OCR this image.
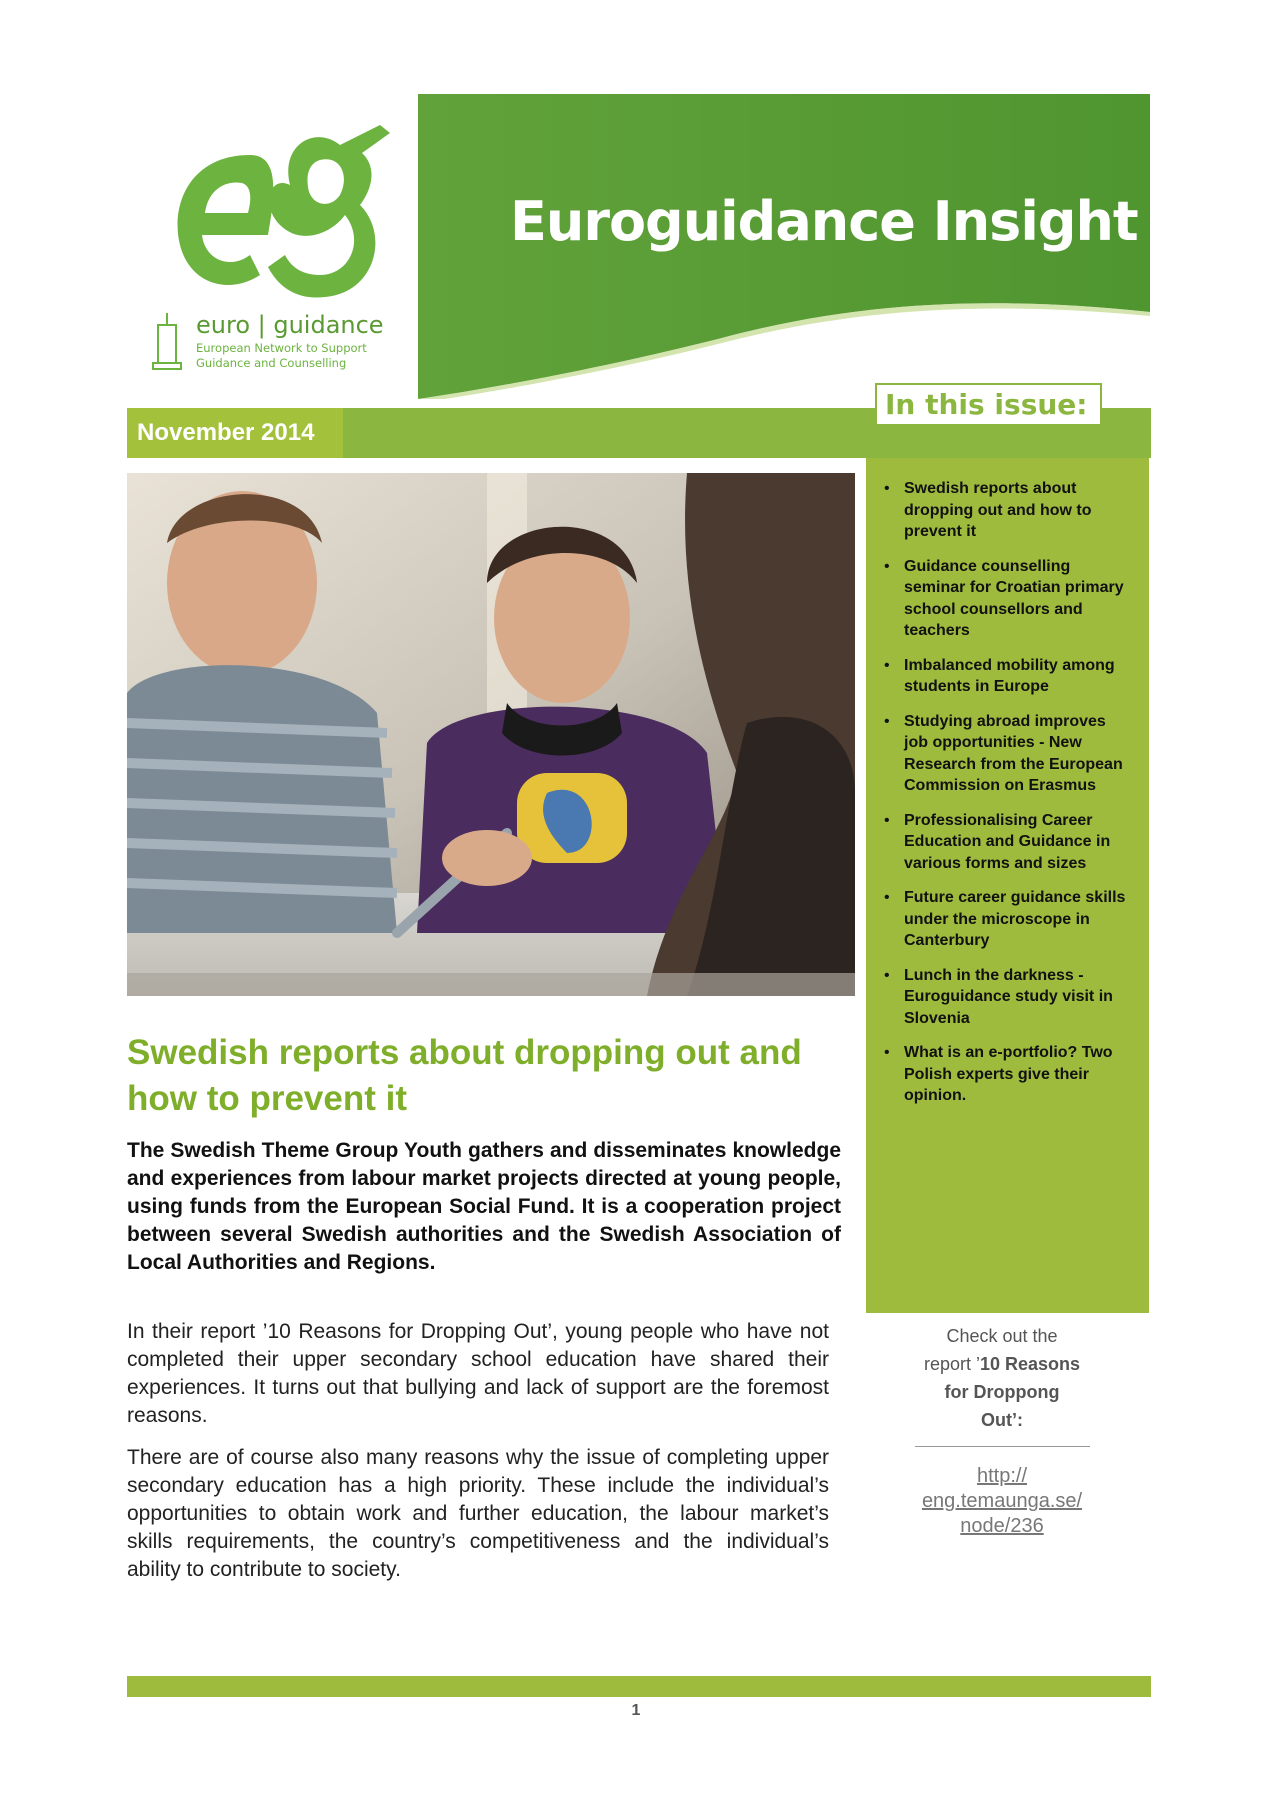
euro | guidance
European Network to Support
Guidance and Counselling
Euroguidance Insight
November 2014
In this issue:
• Swedish reports about dropping out and how to prevent it
• Guidance counselling seminar for Croatian primary school counsellors and teachers
• Imbalanced mobility among students in Europe
• Studying abroad improves job opportunities - New Research from the European Commission on Erasmus
• Professionalising Career Education and Guidance in various forms and sizes
• Future career guidance skills under the microscope in Canterbury
• Lunch in the darkness - Euroguidance study visit in Slovenia
• What is an e-portfolio? Two Polish experts give their opinion.
Swedish reports about dropping out and how to prevent it

The Swedish Theme Group Youth gathers and disseminates knowledge and experiences from labour market projects directed at young people, using funds from the European Social Fund. It is a cooperation project between several Swedish authorities and the Swedish Association of Local Authorities and Regions.

In their report ’10 Reasons for Dropping Out’, young people who have not completed their upper secondary school education have shared their experiences. It turns out that bullying and lack of support are the foremost reasons.

There are of course also many reasons why the issue of completing upper secondary education has a high priority. These include the individual’s opportunities to obtain work and further education, the labour market’s skills requirements, the country’s competitiveness and the individual’s ability to contribute to society.

Check out the
report ’10 Reasons
for Droppong
Out’:
http://
eng.temaunga.se/
node/236
1
